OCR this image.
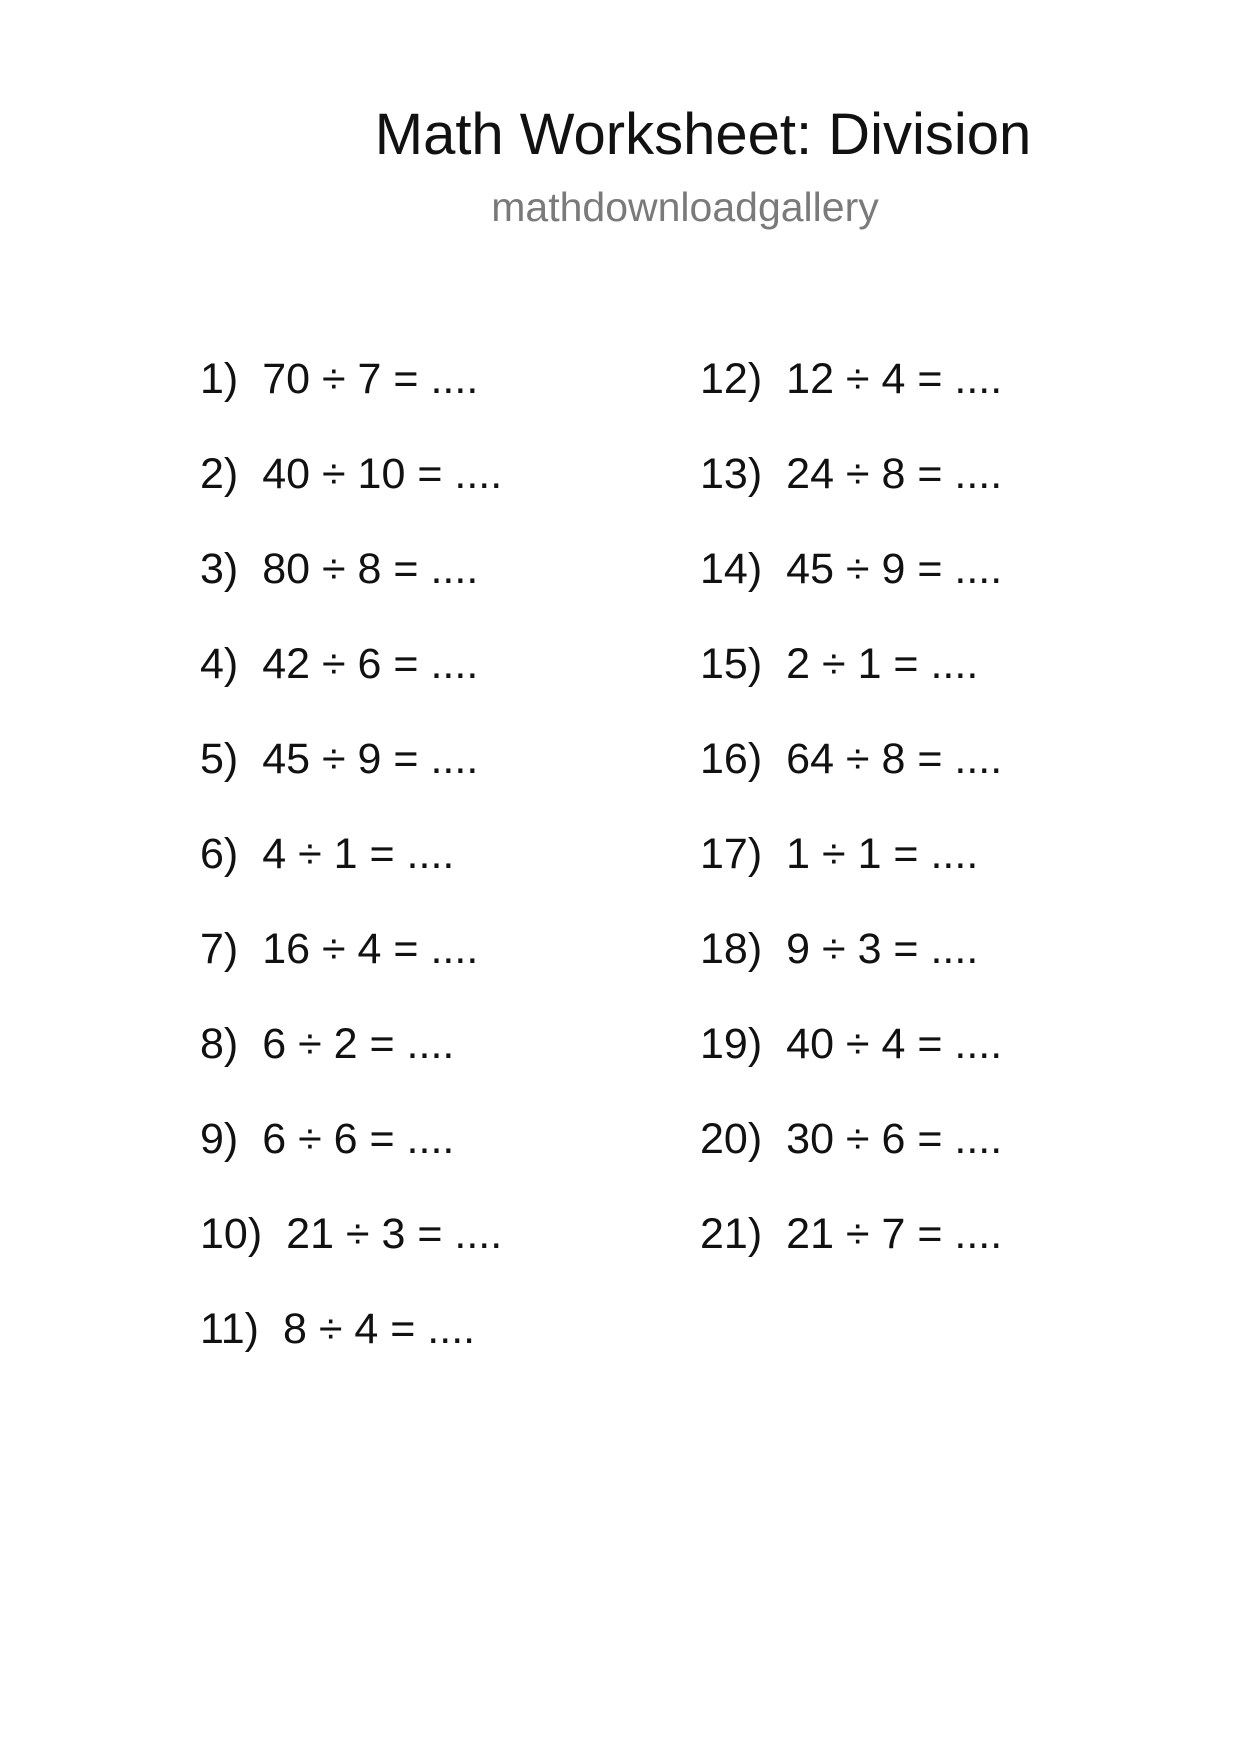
Math Worksheet: Division
mathdownloadgallery
1) 70 ÷ 7 = ....
2) 40 ÷ 10 = ....
3) 80 ÷ 8 = ....
4) 42 ÷ 6 = ....
5) 45 ÷ 9 = ....
6) 4 ÷ 1 = ....
7) 16 ÷ 4 = ....
8) 6 ÷ 2 = ....
9) 6 ÷ 6 = ....
10) 21 ÷ 3 = ....
11) 8 ÷ 4 = ....
12) 12 ÷ 4 = ....
13) 24 ÷ 8 = ....
14) 45 ÷ 9 = ....
15) 2 ÷ 1 = ....
16) 64 ÷ 8 = ....
17) 1 ÷ 1 = ....
18) 9 ÷ 3 = ....
19) 40 ÷ 4 = ....
20) 30 ÷ 6 = ....
21) 21 ÷ 7 = ....
